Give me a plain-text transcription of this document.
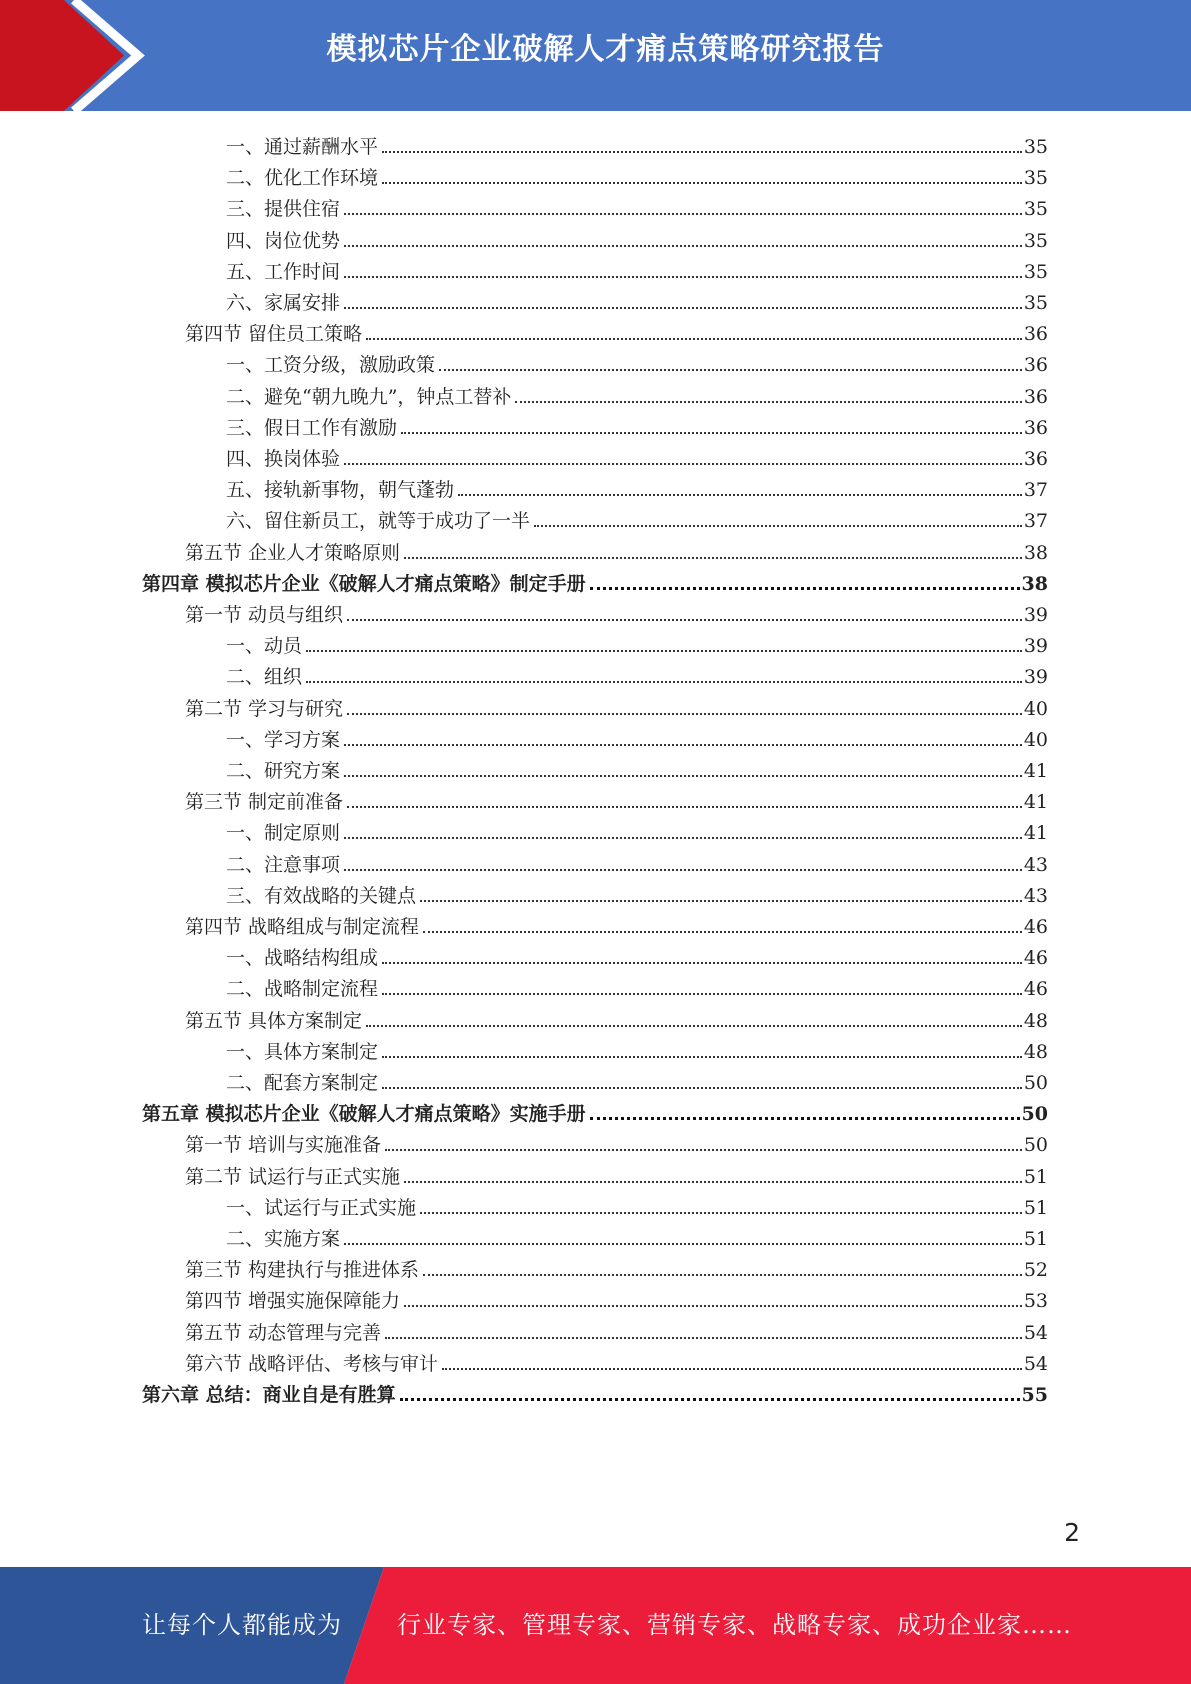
模拟芯片企业破解人才痛点策略研究报告
一、通过薪酬水平	35
二、优化工作环境	35
三、提供住宿	35
四、岗位优势	35
五、工作时间	35
六、家属安排	35
第四节 留住员工策略	36
一、工资分级，激励政策	36
二、避免“朝九晚九”，钟点工替补	36
三、假日工作有激励	36
四、换岗体验	36
五、接轨新事物，朝气蓬勃	37
六、留住新员工，就等于成功了一半	37
第五节 企业人才策略原则	38
第四章 模拟芯片企业《破解人才痛点策略》制定手册	38
第一节 动员与组织	39
一、动员	39
二、组织	39
第二节 学习与研究	40
一、学习方案	40
二、研究方案	41
第三节 制定前准备	41
一、制定原则	41
二、注意事项	43
三、有效战略的关键点	43
第四节 战略组成与制定流程	46
一、战略结构组成	46
二、战略制定流程	46
第五节 具体方案制定	48
一、具体方案制定	48
二、配套方案制定	50
第五章 模拟芯片企业《破解人才痛点策略》实施手册	50
第一节 培训与实施准备	50
第二节 试运行与正式实施	51
一、试运行与正式实施	51
二、实施方案	51
第三节 构建执行与推进体系	52
第四节 增强实施保障能力	53
第五节 动态管理与完善	54
第六节 战略评估、考核与审计	54
第六章 总结：商业自是有胜算	55
2
让每个人都能成为 行业专家、管理专家、营销专家、战略专家、成功企业家……
